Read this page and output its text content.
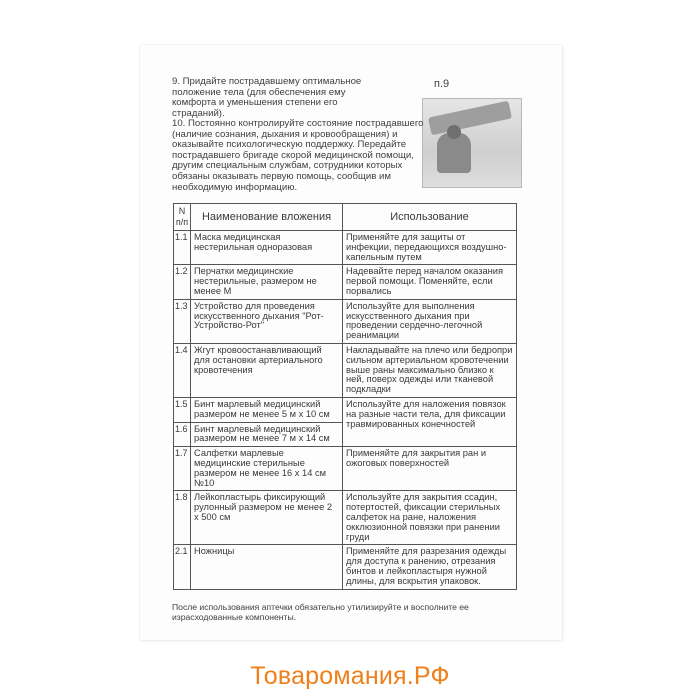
9. Придайте пострадавшему оптимальное положение тела (для обеспечения ему комфорта и уменьшения степени его страданий).
п.9
10. Постоянно контролируйте состояние пострадавшего (наличие сознания, дыхания и кровообращения) и оказывайте психологическую поддержку. Передайте пострадавшего бригаде скорой медицинской помощи, другим специальным службам, сотрудники которых обязаны оказывать первую помощь, сообщив им необходимую информацию.
N п/п	Наименование вложения	Использование
1.1	Маска медицинская нестерильная одноразовая	Применяйте для защиты от инфекции, передающихся воздушно-капельным путем
1.2	Перчатки медицинские нестерильные, размером не менее M	Надевайте перед началом оказания первой помощи. Поменяйте, если порвались
1.3	Устройство для проведения искусственного дыхания "Рот-Устройство-Рот"	Используйте для выполнения искусственного дыхания при проведении сердечно-легочной реанимации
1.4	Жгут кровоостанавливающий для остановки артериального кровотечения	Накладывайте на плечо или бедропри сильном артериальном кровотечении выше раны максимально близко к ней, поверх одежды или тканевой подкладки
1.5	Бинт марлевый медицинский размером не менее 5 м х 10 см	Используйте для наложения повязок на разные части тела, для фиксации травмированных конечностей
1.6	Бинт марлевый медицинский размером не менее 7 м х 14 см	
1.7	Салфетки марлевые медицинские стерильные размером не менее 16 х 14 см №10	Применяйте для закрытия ран и ожоговых поверхностей
1.8	Лейкопластырь фиксирующий рулонный размером не менее 2 х 500 см	Используйте для закрытия ссадин, потертостей, фиксации стерильных салфеток на ране, наложения окклюзионной повязки при ранении груди
2.1	Ножницы	Применяйте для разрезания одежды для доступа к ранению, отрезания бинтов и лейкопластыря нужной длины, для вскрытия упаковок.
После использования аптечки обязательно утилизируйте и восполните ее израсходованные компоненты.
Товаромания.РФ
